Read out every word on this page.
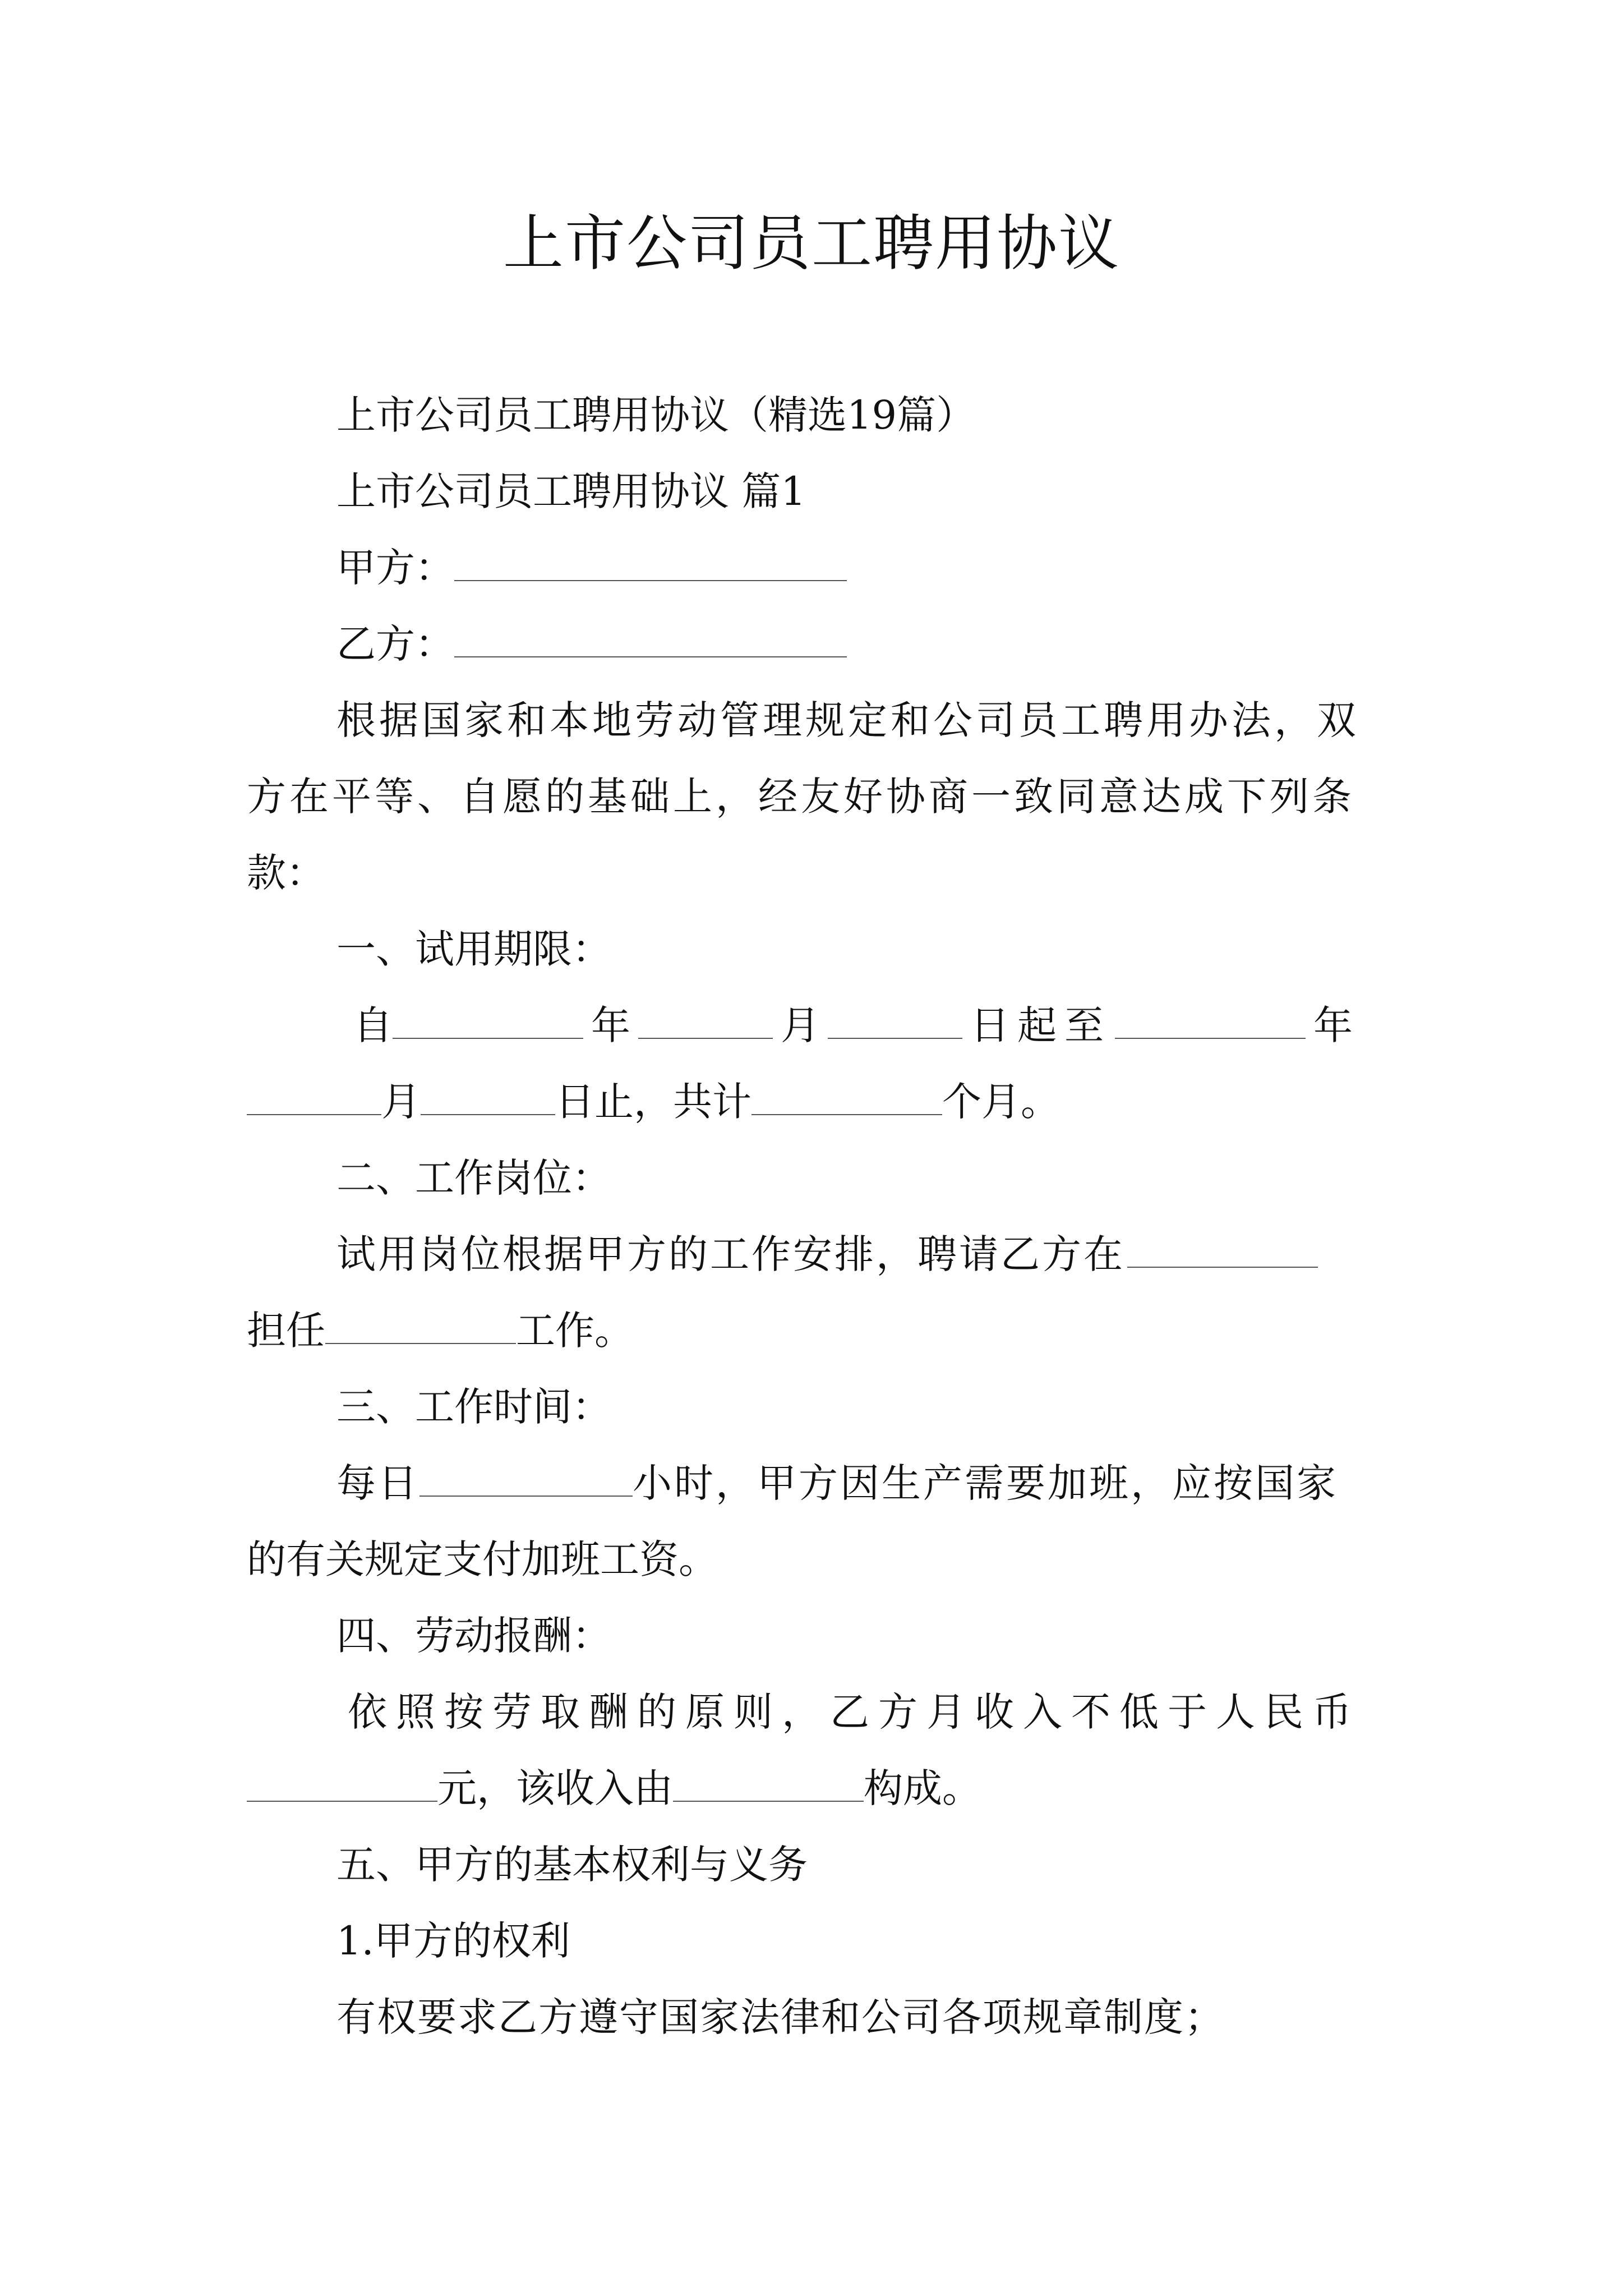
上市公司员工聘用协议
上市公司员工聘用协议（精选19篇）
上市公司员工聘用协议 篇1
甲方：
乙方：
根据国家和本地劳动管理规定和公司员工聘用办法，双
方在平等、自愿的基础上，经友好协商一致同意达成下列条
款：
一、试用期限：
自	年	月	日起至	年
月	日止，共计	个月。
二、工作岗位：
试用岗位根据甲方的工作安排，聘请乙方在
担任	工作。
三、工作时间：
每日	小时，甲方因生产需要加班，应按国家
的有关规定支付加班工资。
四、劳动报酬：
依照按劳取酬的原则，乙方月收入不低于人民币
元，该收入由	构成。
五、甲方的基本权利与义务
1.甲方的权利
有权要求乙方遵守国家法律和公司各项规章制度；
